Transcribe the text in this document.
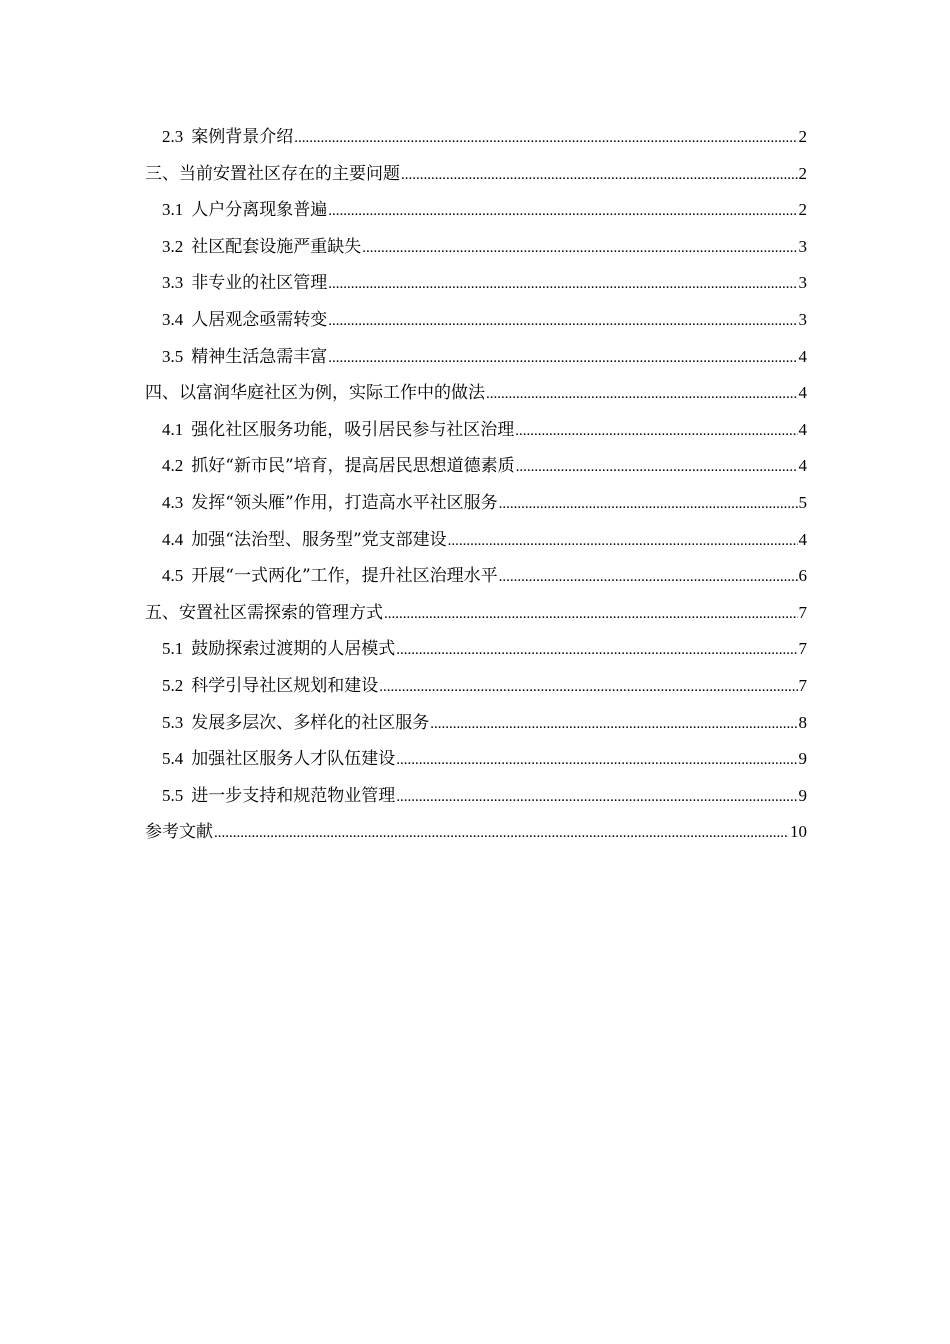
2.3 案例背景介绍 .....	2
三、当前安置社区存在的主要问题 .....	2
3.1 人户分离现象普遍 .....	2
3.2 社区配套设施严重缺失 .....	3
3.3 非专业的社区管理 .....	3
3.4 人居观念亟需转变 .....	3
3.5 精神生活急需丰富 .....	4
四、以富润华庭社区为例，实际工作中的做法 .....	4
4.1 强化社区服务功能，吸引居民参与社区治理 .....	4
4.2 抓好“新市民”培育，提高居民思想道德素质 .....	4
4.3 发挥“领头雁”作用，打造高水平社区服务 .....	5
4.4 加强“法治型、服务型”党支部建设 .....	4
4.5 开展“一式两化”工作，提升社区治理水平 .....	6
五、安置社区需探索的管理方式 .....	7
5.1 鼓励探索过渡期的人居模式 .....	7
5.2 科学引导社区规划和建设 .....	7
5.3 发展多层次、多样化的社区服务 .....	8
5.4 加强社区服务人才队伍建设 .....	9
5.5 进一步支持和规范物业管理 .....	9
参考文献 .....	10
